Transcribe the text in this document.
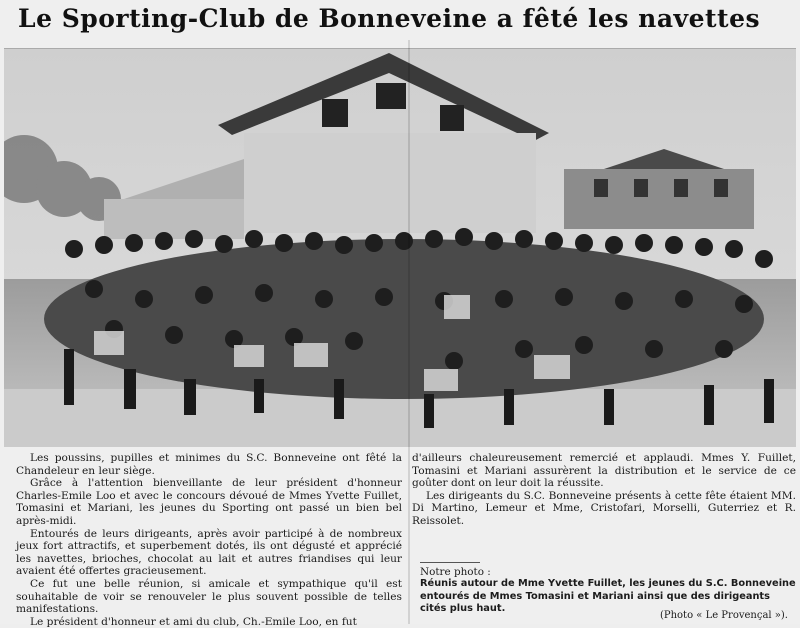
Le Sporting-Club de Bonneveine a fêté les navettes

Les poussins, pupilles et minimes du S.C. Bonneveine ont fêté la Chandeleur en leur siège.

Grâce à l'attention bienveillante de leur président d'honneur Charles-Emile Loo et avec le concours dévoué de Mmes Yvette Fuillet, Tomasini et Mariani, les jeunes du Sporting ont passé un bien bel après-midi.

Entourés de leurs dirigeants, après avoir participé à de nombreux jeux fort attractifs, et superbement dotés, ils ont dégusté et apprécié les navettes, brioches, chocolat au lait et autres friandises qui leur avaient été offertes gracieusement.

Ce fut une belle réunion, si amicale et sympathique qu'il est souhaitable de voir se renouveler le plus souvent possible de telles manifestations.

Le président d'honneur et ami du club, Ch.-Emile Loo, en fut

d'ailleurs chaleureusement remercié et applaudi. Mmes Y. Fuillet, Tomasini et Mariani assurèrent la distribution et le service de ce goûter dont on leur doit la réussite.

Les dirigeants du S.C. Bonneveine présents à cette fête étaient MM. Di Martino, Lemeur et Mme, Cristofari, Morselli, Guterriez et R. Reissolet.

Notre photo :
Réunis autour de Mme Yvette Fuillet, les jeunes du S.C. Bonneveine entourés de Mmes Tomasini et Mariani ainsi que des dirigeants cités plus haut.
(Photo « Le Provençal »).
